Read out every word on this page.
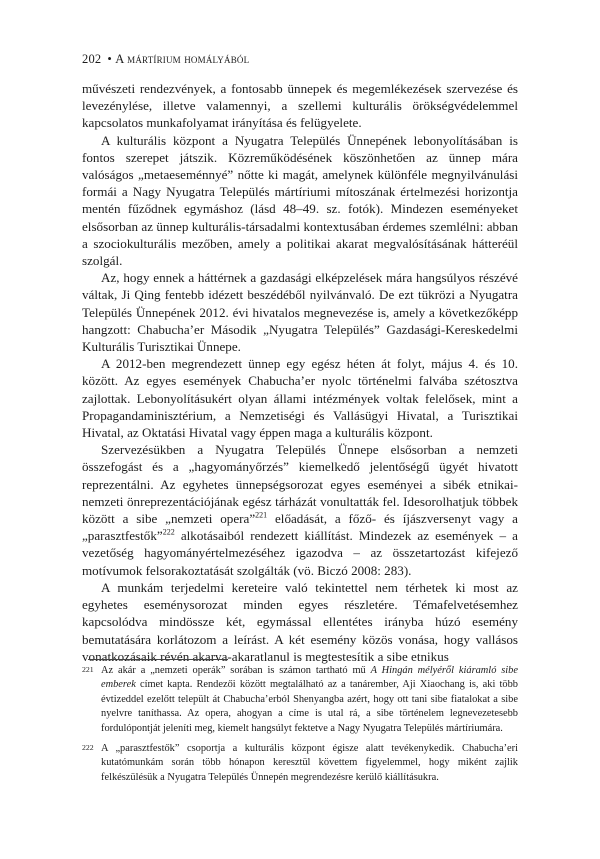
202 • A mártírium homályából

művészeti rendezvények, a fontosabb ünnepek és megemlékezések szervezése és levezénylése, illetve valamennyi, a szellemi kulturális örökségvédelemmel kapcsolatos munkafolyamat irányítása és felügyelete.

A kulturális központ a Nyugatra Település Ünnepének lebonyolításában is fontos szerepet játszik. Közreműködésének köszönhetően az ünnep mára valóságos „metaeseménnyé” nőtte ki magát, amelynek különféle megnyilvánulási formái a Nagy Nyugatra Település mártíriumi mítoszának értelmezési horizontja mentén fűződnek egymáshoz (lásd 48–49. sz. fotók). Mindezen eseményeket elsősorban az ünnep kulturális-társadalmi kontextusában érdemes szemlélni: abban a szociokulturális mezőben, amely a politikai akarat megvalósításának hátteréül szolgál.

Az, hogy ennek a háttérnek a gazdasági elképzelések mára hangsúlyos részévé váltak, Ji Qing fentebb idézett beszédéből nyilvánvaló. De ezt tükrözi a Nyugatra Település Ünnepének 2012. évi hivatalos megnevezése is, amely a következőképp hangzott: Chabucha’er Második „Nyugatra Település” Gazdasági-Kereskedelmi Kulturális Turisztikai Ünnepe.

A 2012-ben megrendezett ünnep egy egész héten át folyt, május 4. és 10. között. Az egyes események Chabucha’er nyolc történelmi falvába szétosztva zajlottak. Lebonyolításukért olyan állami intézmények voltak felelősek, mint a Propagandaminisztérium, a Nemzetiségi és Vallásügyi Hivatal, a Turisztikai Hivatal, az Oktatási Hivatal vagy éppen maga a kulturális központ.

Szervezésükben a Nyugatra Település Ünnepe elsősorban a nemzeti összefogást és a „hagyományőrzés” kiemelkedő jelentőségű ügyét hivatott reprezentálni. Az egyhetes ünnepségsorozat egyes eseményei a sibék etnikai-nemzeti önreprezentációjának egész tárházát vonultatták fel. Idesorolhatjuk többek között a sibe „nemzeti opera”$^{221}$ előadását, a főző- és íjászversenyt vagy a „parasztfestők”$^{222}$ alkotásaiból rendezett kiállítást. Mindezek az események – a vezetőség hagyományértelmezéséhez igazodva – az összetartozást kifejező motívumok felsorakoztatását szolgálták (vö. Biczó 2008: 283).

A munkám terjedelmi kereteire való tekintettel nem térhetek ki most az egyhetes eseménysorozat minden egyes részletére. Témafelvetésemhez kapcsolódva mindössze két, egymással ellentétes irányba húzó esemény bemutatására korlátozom a leírást. A két esemény közös vonása, hogy vallásos vonatkozásaik révén akarva-akaratlanul is megtestesítik a sibe etnikus

221 Az akár a „nemzeti operák” sorában is számon tartható mű A Hingán mélyéről kiáramló sibe emberek címet kapta. Rendezői között megtalálható az a tanárember, Aji Xiaochang is, aki több évtizeddel ezelőtt települt át Chabucha’erból Shenyangba azért, hogy ott tani sibe fiatalokat a sibe nyelvre taníthassa. Az opera, ahogyan a címe is utal rá, a sibe történelem legnevezetesebb fordulópontját jeleníti meg, kiemelt hangsúlyt fektetve a Nagy Nyugatra Település mártíriumára.
222 A „parasztfestők” csoportja a kulturális központ égisze alatt tevékenykedik. Chabucha’eri kutatómunkám során több hónapon keresztül követtem figyelemmel, hogy miként zajlik felkészülésük a Nyugatra Település Ünnepén megrendezésre kerülő kiállításukra.
